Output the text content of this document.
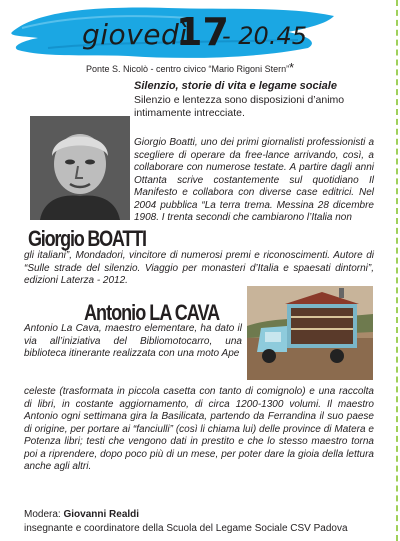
giovedì
17
- 20.45
Ponte S. Nicolò - centro civico “Mario Rigoni Stern” *
Silenzio, storie di vita e legame sociale
Silenzio e lentezza sono disposizioni d’animo intimamente intrecciate.
Giorgio BOATTI
Giorgio Boatti, uno dei primi giornalisti professionisti a scegliere di operare da free-lance arrivando, così, a collaborare con numerose testate. A partire dagli anni Ottanta scrive costantemente sul quotidiano Il Manifesto e collabora con diverse case editrici. Nel 2004 pubblica “La terra trema. Messina 28 dicembre 1908. I trenta secondi che cambiarono l’Italia non
gli italiani”, Mondadori, vincitore di numerosi premi e riconoscimenti. Autore di “Sulle strade del silenzio. Viaggio per monasteri d’Italia e spaesati dintorni”, edizioni Laterza - 2012.
Antonio LA CAVA
Antonio La Cava, maestro elementare, ha dato il via all’iniziativa del Bibliomotocarro, una biblioteca itinerante realizzata con una moto Ape
celeste (trasformata in piccola casetta con tanto di comignolo) e una raccolta di libri, in costante aggiornamento, di circa 1200-1300 volumi. Il maestro Antonio ogni settimana gira la Basilicata, partendo da Ferrandina il suo paese di origine, per portare ai “fanciulli” (così li chiama lui) delle province di Matera e Potenza libri; testi che vengono dati in prestito e che lo stesso maestro torna poi a riprendere, dopo poco più di un mese, per poter dare la gioia della lettura anche agli altri.
Modera: Giovanni Realdi
insegnante e coordinatore della Scuola del Legame Sociale CSV Padova
